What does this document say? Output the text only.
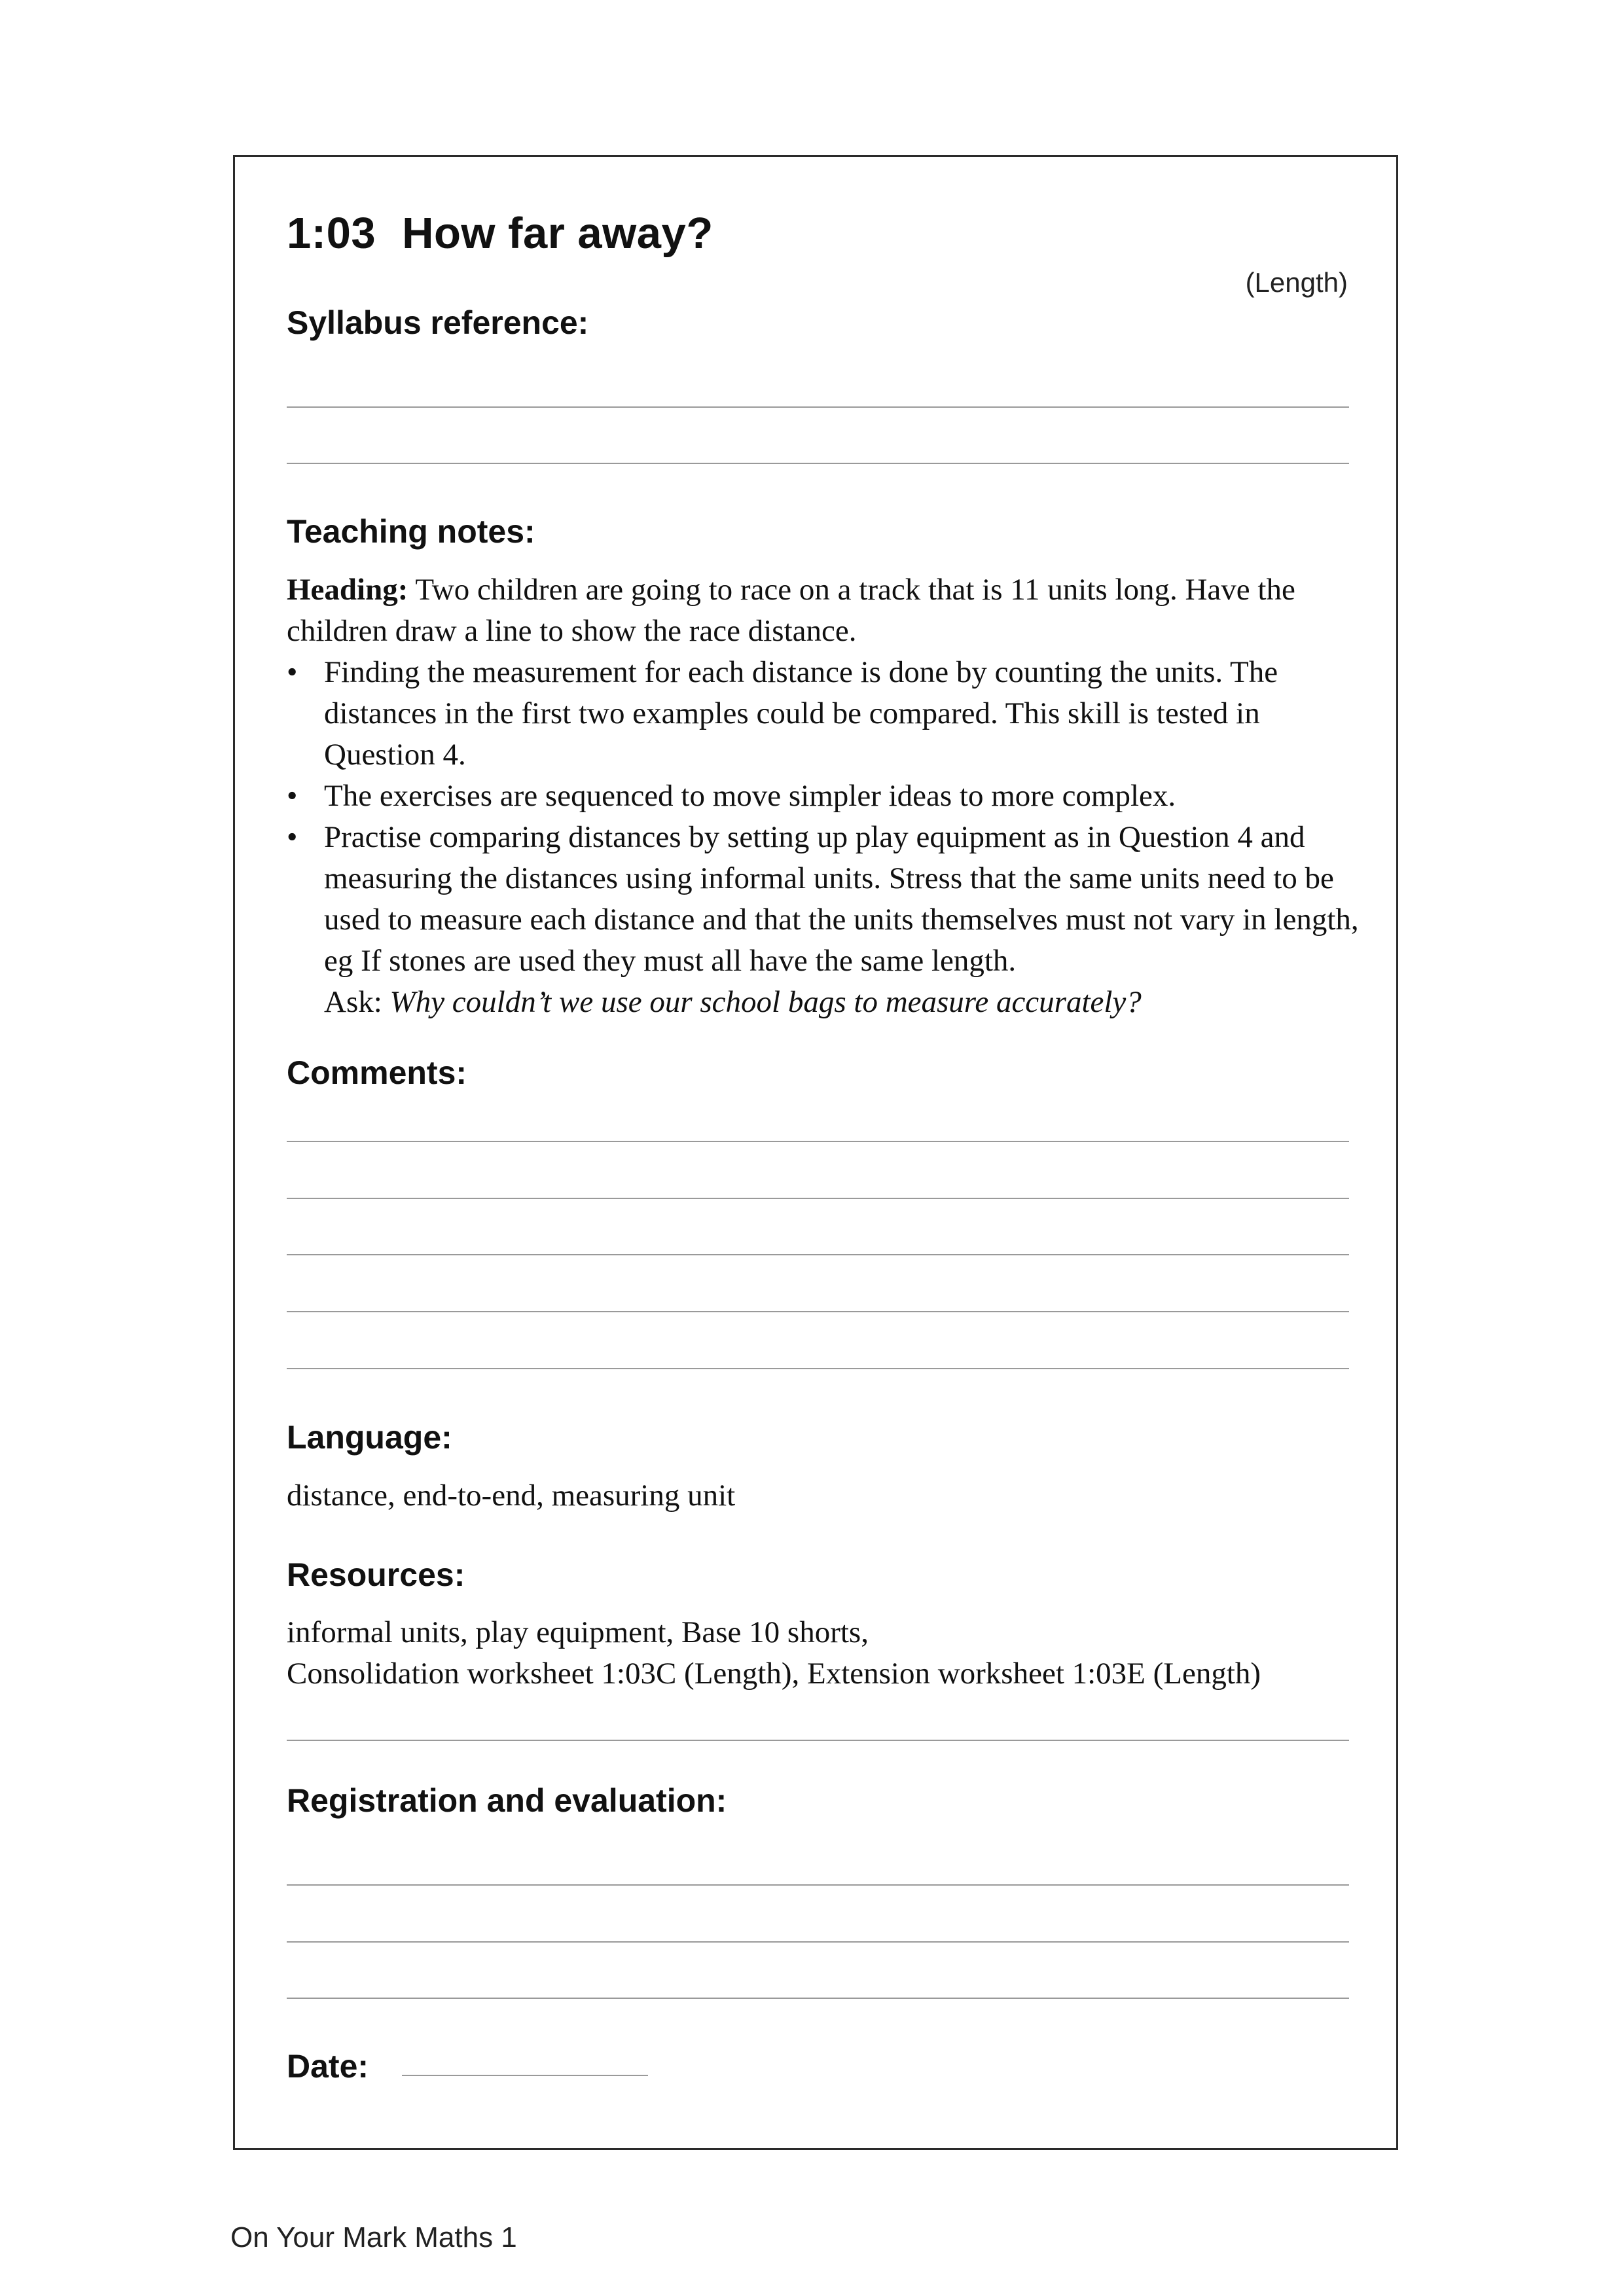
1:03 How far away?
(Length)
Syllabus reference:
Teaching notes:

Heading: Two children are going to race on a track that is 11 units long. Have the children draw a line to show the race distance.

• Finding the measurement for each distance is done by counting the units. The distances in the first two examples could be compared. This skill is tested in Question 4.
• The exercises are sequenced to move simpler ideas to more complex.
• Practise comparing distances by setting up play equipment as in Question 4 and measuring the distances using informal units. Stress that the same units need to be used to measure each distance and that the units themselves must not vary in length, eg If stones are used they must all have the same length.
Ask: Why couldn’t we use our school bags to measure accurately?
Comments:
Language:
distance, end-to-end, measuring unit
Resources:
informal units, play equipment, Base 10 shorts,
Consolidation worksheet 1:03C (Length), Extension worksheet 1:03E (Length)
Registration and evaluation:
Date:
On Your Mark Maths 1
